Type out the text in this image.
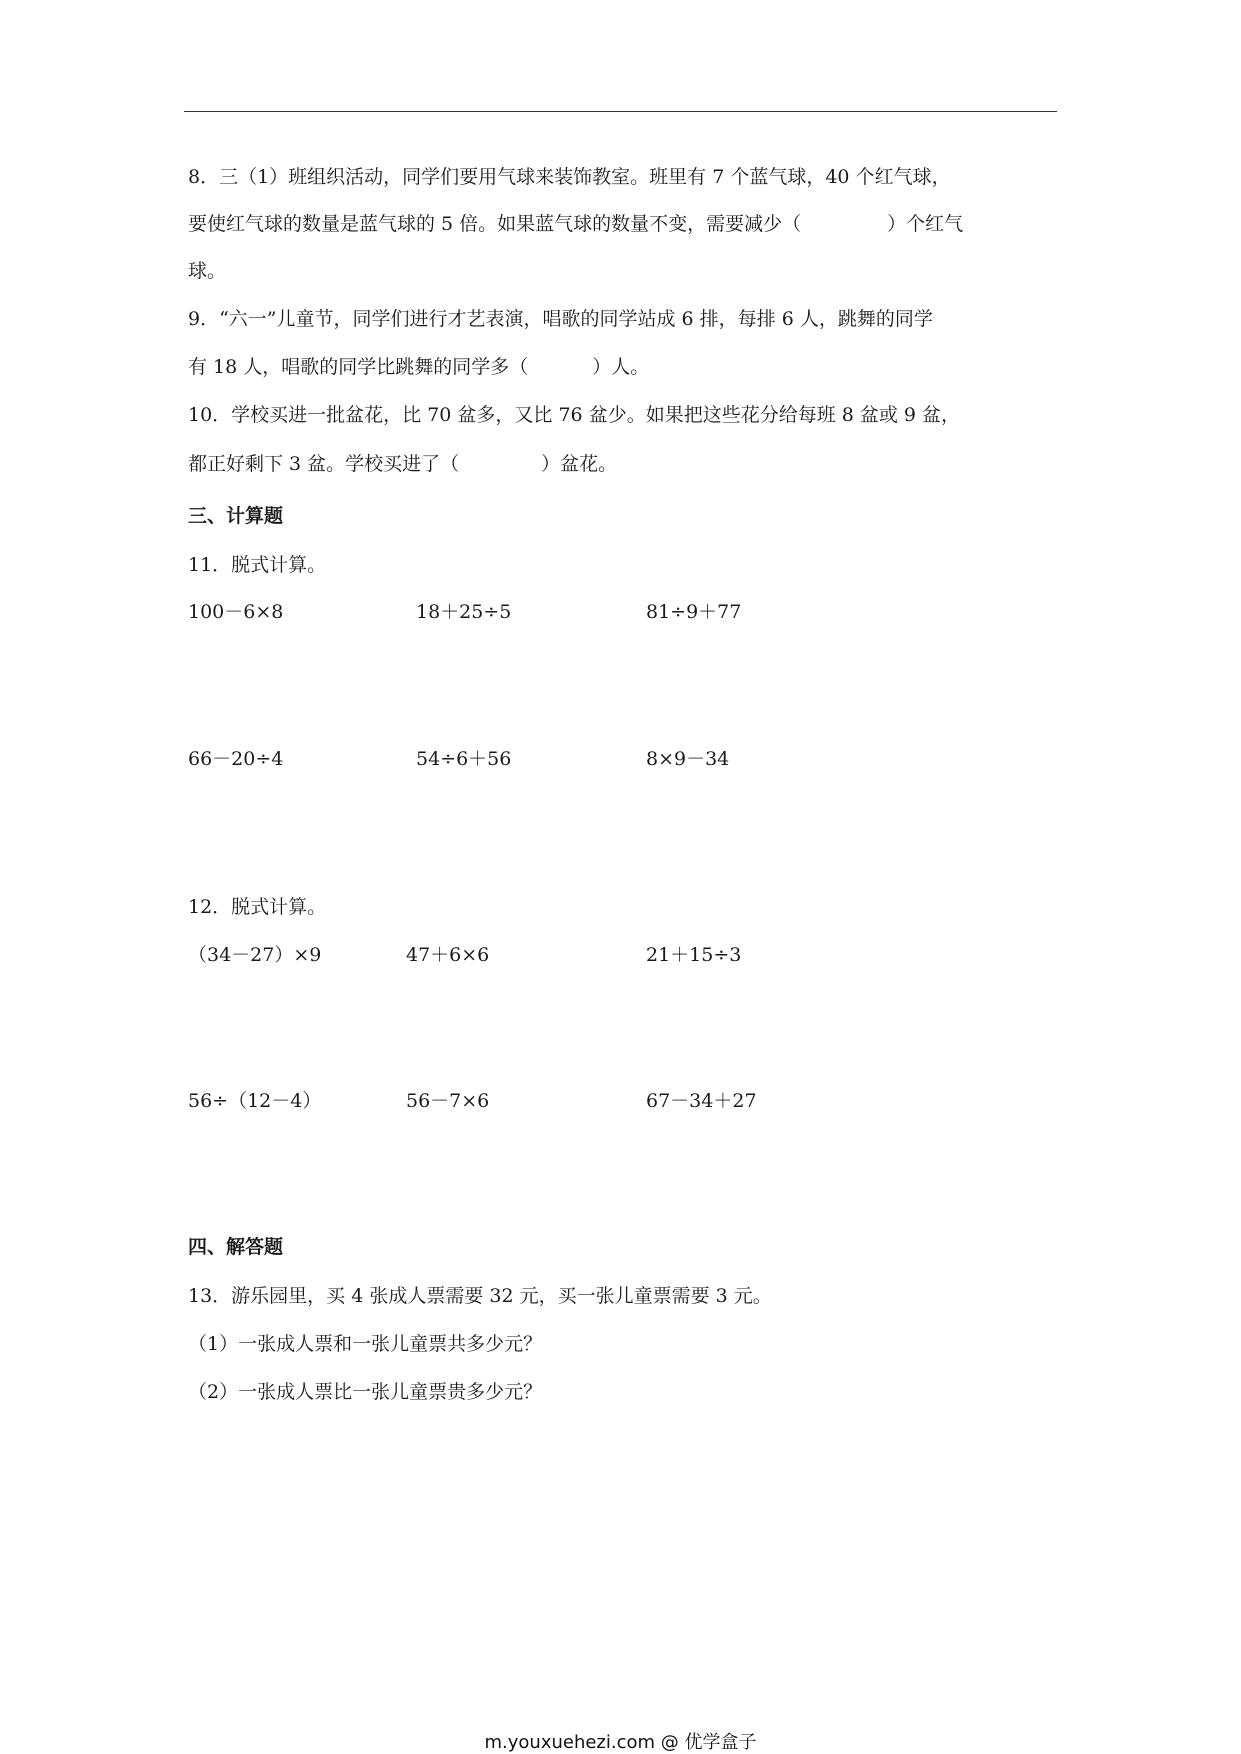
8．三（1）班组织活动，同学们要用气球来装饰教室。班里有 7 个蓝气球，40 个红气球，
要使红气球的数量是蓝气球的 5 倍。如果蓝气球的数量不变，需要减少（	）个红气
球。
9．“六一”儿童节，同学们进行才艺表演，唱歌的同学站成 6 排，每排 6 人，跳舞的同学
有 18 人，唱歌的同学比跳舞的同学多（	）人。
10．学校买进一批盆花，比 70 盆多，又比 76 盆少。如果把这些花分给每班 8 盆或 9 盆，
都正好剩下 3 盆。学校买进了（	）盆花。
三、计算题
11．脱式计算。
100－6×8	18＋25÷5	81÷9＋77
66－20÷4	54÷6＋56	8×9－34
12．脱式计算。
（34－27）×9	47＋6×6	21＋15÷3
56÷（12－4）	56－7×6	67－34＋27
四、解答题
13．游乐园里，买 4 张成人票需要 32 元，买一张儿童票需要 3 元。
（1）一张成人票和一张儿童票共多少元？
（2）一张成人票比一张儿童票贵多少元？
m.youxuehezi.com @ 优学盒子
